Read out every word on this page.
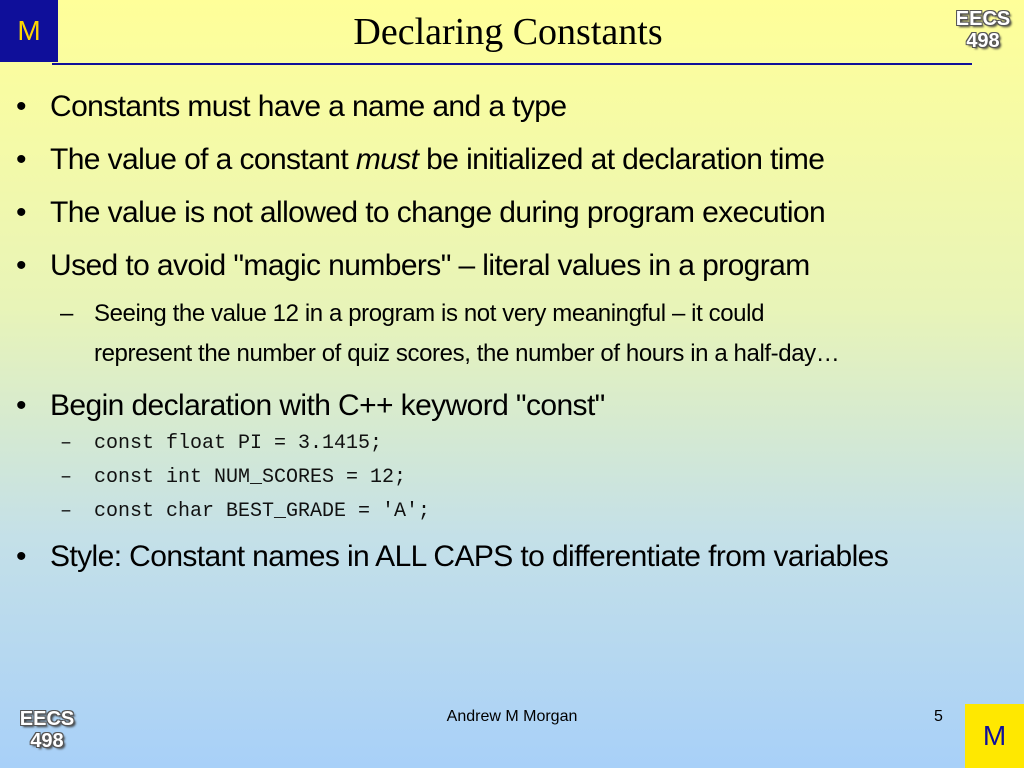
M	EECS
498
Declaring Constants
• Constants must have a name and a type
• The value of a constant must be initialized at declaration time
• The value is not allowed to change during program execution
• Used to avoid "magic numbers" – literal values in a program
– Seeing the value 12 in a program is not very meaningful – it could
represent the number of quiz scores, the number of hours in a half-day…
• Begin declaration with C++ keyword "const"
– const float PI = 3.1415;
– const int NUM_SCORES = 12;
– const char BEST_GRADE = 'A';
• Style: Constant names in ALL CAPS to differentiate from variables
EECS
498
Andrew M Morgan	5
M
